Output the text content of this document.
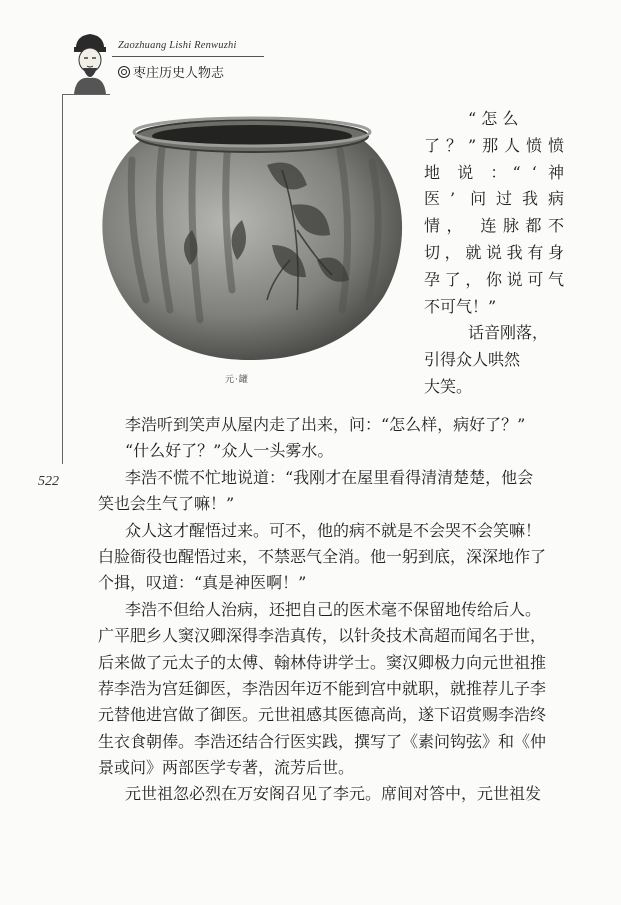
Zaozhuang Lishi Renwuzhi
枣庄历史人物志
522
元·罐
“ 怎 么
了？”那人愤愤
地 说 ：“ ‘ 神
医’ 问过我病
情， 连脉都不
切，就说我有身
孕了，你说可气
不可气！”
话音刚落，
引得众人哄然
大笑。
李浩听到笑声从屋内走了出来，问：“怎么样，病好了？”
“什么好了？”众人一头雾水。
李浩不慌不忙地说道：“我刚才在屋里看得清清楚楚，他会
笑也会生气了嘛！”
众人这才醒悟过来。可不，他的病不就是不会哭不会笑嘛！
白脸衙役也醒悟过来，不禁恶气全消。他一躬到底，深深地作了
个揖，叹道：“真是神医啊！”
李浩不但给人治病，还把自己的医术毫不保留地传给后人。
广平肥乡人窦汉卿深得李浩真传，以针灸技术高超而闻名于世，
后来做了元太子的太傅、翰林侍讲学士。窦汉卿极力向元世祖推
荐李浩为宫廷御医，李浩因年迈不能到宫中就职，就推荐儿子李
元替他进宫做了御医。元世祖感其医德高尚，遂下诏赏赐李浩终
生衣食朝俸。李浩还结合行医实践，撰写了《素问钩弦》和《仲
景或问》两部医学专著，流芳后世。
元世祖忽必烈在万安阁召见了李元。席间对答中，元世祖发
